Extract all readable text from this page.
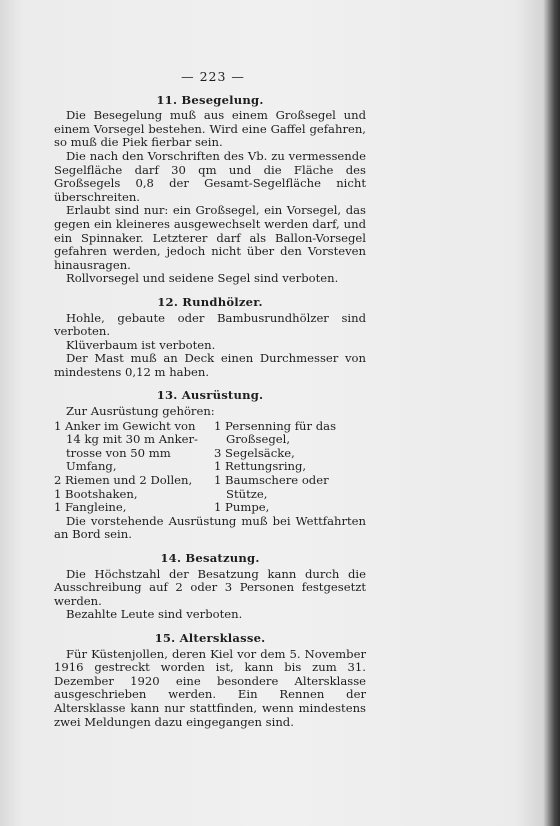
— 223 —
11. Besegelung.

Die Besegelung muß aus einem Großsegel und einem Vorsegel bestehen. Wird eine Gaffel gefahren, so muß die Piek fierbar sein.

Die nach den Vorschriften des Vb. zu vermessende Segelfläche darf 30 qm und die Fläche des Großsegels 0,8 der Gesamt-Segelfläche nicht überschreiten.

Erlaubt sind nur: ein Großsegel, ein Vorsegel, das gegen ein kleineres ausgewechselt werden darf, und ein Spinnaker. Letzterer darf als Ballon-Vorsegel gefahren werden, jedoch nicht über den Vorsteven hinausragen.

Rollvorsegel und seidene Segel sind verboten.

12. Rundhölzer.

Hohle, gebaute oder Bambusrundhölzer sind verboten.

Klüverbaum ist verboten.

Der Mast muß an Deck einen Durchmesser von mindestens 0,12 m haben.

13. Ausrüstung.

Zur Ausrüstung gehören:

1 Anker im Gewicht von	1 Persenning für das
14 kg mit 30 m Anker-	Großsegel,
trosse von 50 mm	3 Segelsäcke,
Umfang,	1 Rettungsring,
2 Riemen und 2 Dollen,	1 Baumschere oder
1 Bootshaken,	Stütze,
1 Fangleine,	1 Pumpe,

Die vorstehende Ausrüstung muß bei Wettfahrten an Bord sein.

14. Besatzung.

Die Höchstzahl der Besatzung kann durch die Ausschreibung auf 2 oder 3 Personen festgesetzt werden.

Bezahlte Leute sind verboten.

15. Altersklasse.

Für Küstenjollen, deren Kiel vor dem 5. November 1916 gestreckt worden ist, kann bis zum 31. Dezember 1920 eine besondere Altersklasse ausgeschrieben werden. Ein Rennen der Altersklasse kann nur stattfinden, wenn mindestens zwei Meldungen dazu eingegangen sind.
